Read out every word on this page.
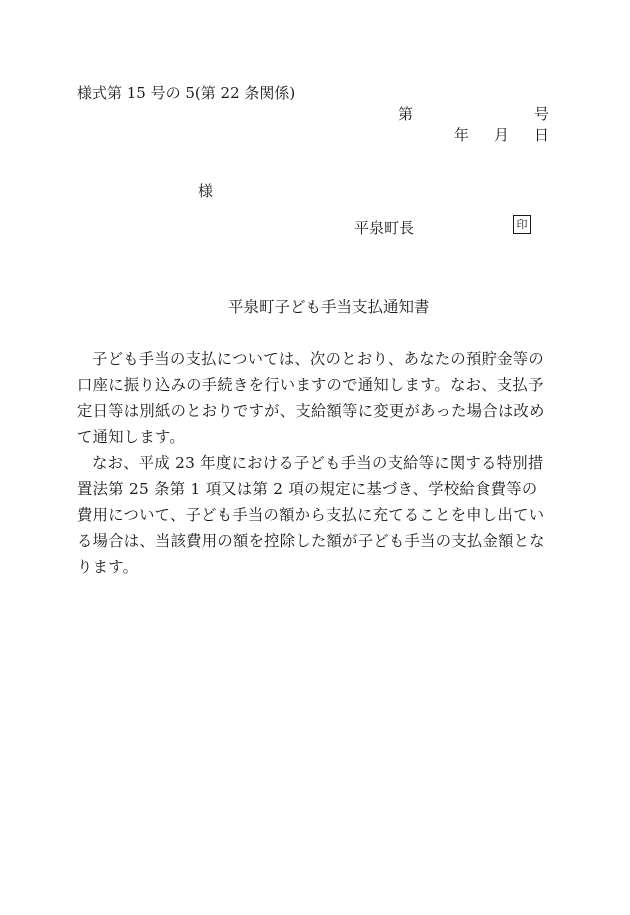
様式第 15 号の 5(第 22 条関係)
第	号
年 月 日
様
平泉町長	印
平泉町子ども手当支払通知書

子ども手当の支払については、次のとおり、あなたの預貯金等の口座に振り込みの手続きを行いますので通知します。なお、支払予定日等は別紙のとおりですが、支給額等に変更があった場合は改めて通知します。

なお、平成 23 年度における子ども手当の支給等に関する特別措置法第 25 条第 1 項又は第 2 項の規定に基づき、学校給食費等の費用について、子ども手当の額から支払に充てることを申し出ている場合は、当該費用の額を控除した額が子ども手当の支払金額となります。
